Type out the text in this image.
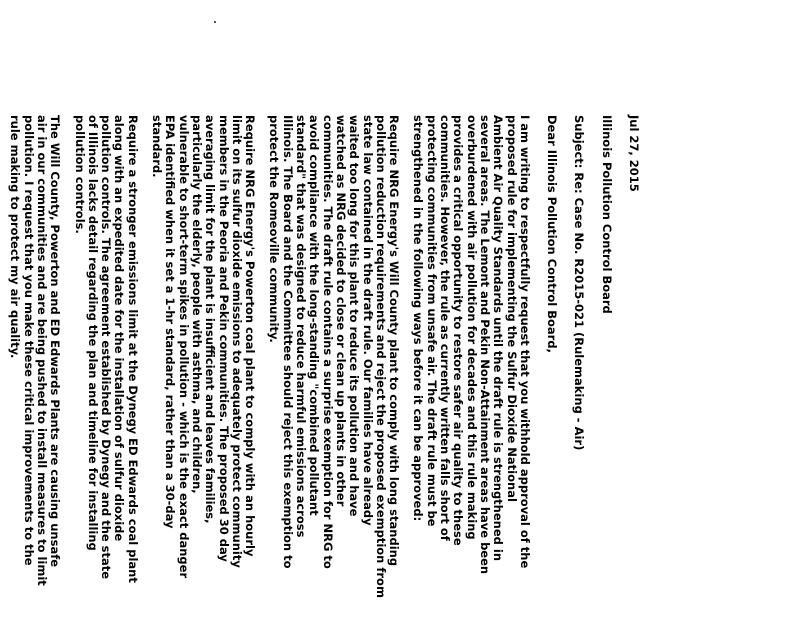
Jul 27, 2015
Illinois Pollution Control Board
Subject: Re: Case No. R2015-021 (Rulemaking - Air)
Dear Illinois Pollution Control Board,
I am writing to respectfully request that you withhold approval of the
proposed rule for implementing the Sulfur Dioxide National
Ambient Air Quality Standards until the draft rule is strengthened in
several areas. The Lemont and Pekin Non-Attainment areas have been
overburdened with air pollution for decades and this rule making
provides a critical opportunity to restore safer air quality to these
communities. However, the rule as currently written falls short of
protecting communities from unsafe air. The draft rule must be
strengthened in the following ways before it can be approved:
Require NRG Energy's Will County plant to comply with long standing
pollution reduction requirements and reject the proposed exemption from
state law contained in the draft rule. Our families have already
waited too long for this plant to reduce its pollution and have
watched as NRG decided to close or clean up plants in other
communities. The draft rule contains a surprise exemption for NRG to
avoid compliance with the long-standing "combined pollutant
standard" that was designed to reduce harmful emissions across
Illinois. The Board and the Committee should reject this exemption to
protect the Romeoville community.
Require NRG Energy's Powerton coal plant to comply with an hourly
limit on its sulfur dioxide emissions to adequately protect community
members in the Peoria and Pekin communities. The proposed 30 day
averaging limit for the plant is insufficient and leaves families,
particularly the elderly, people with asthma, and children,
vulnerable to short-term spikes in pollution - which is the exact danger
EPA identified when it set a 1-hr standard, rather than a 30-day
standard.
Require a stronger emissions limit at the Dynegy ED Edwards coal plant
along with an expedited date for the installation of sulfur dioxide
pollution controls. The agreement established by Dynegy and the state
of Illinois lacks detail regarding the plan and timeline for installing
pollution controls.
The Will County, Powerton and ED Edwards Plants are causing unsafe
air in our communities and are being pushed to install measures to limit
pollution. I request that you make these critical improvements to the
rule making to protect my air quality.
